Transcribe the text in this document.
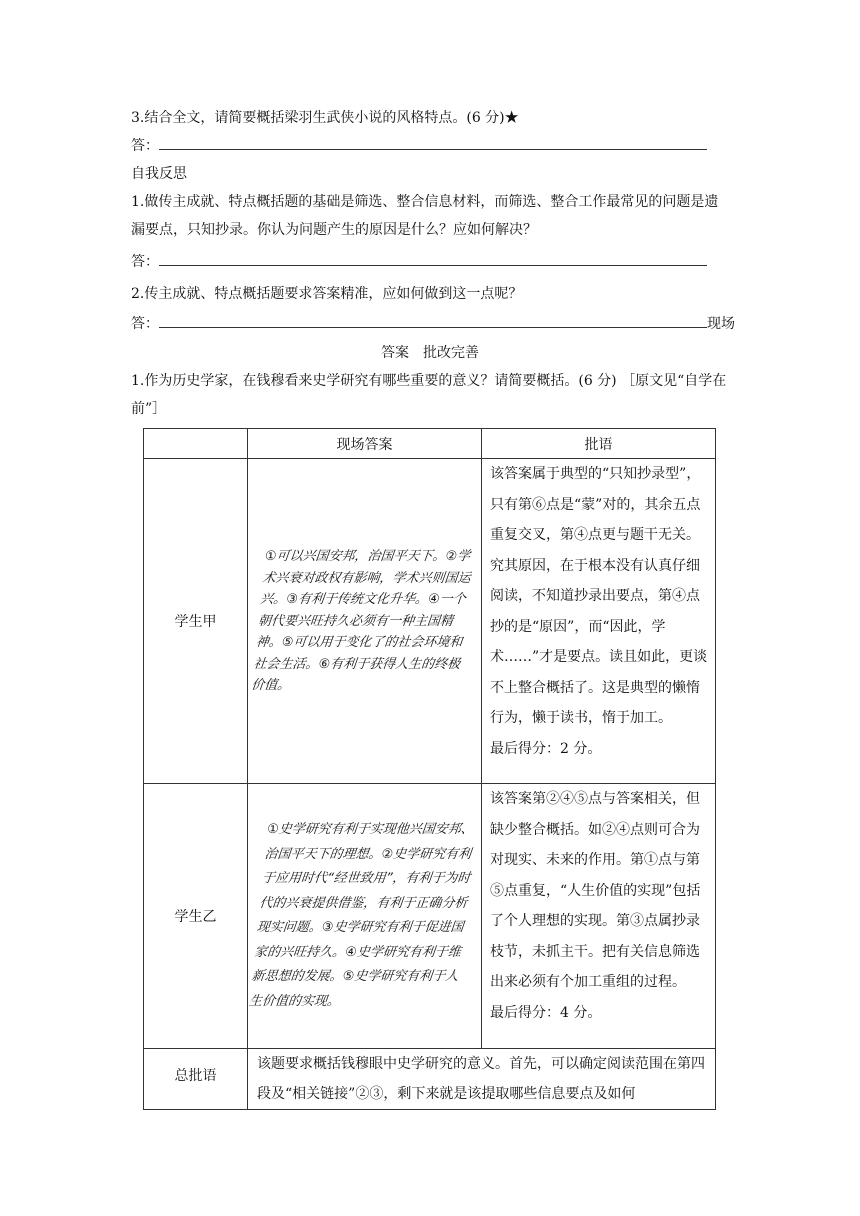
3.结合全文，请简要概括梁羽生武侠小说的风格特点。(6 分)★
答：
自我反思
1.做传主成就、特点概括题的基础是筛选、整合信息材料，而筛选、整合工作最常见的问题是遗漏要点，只知抄录。你认为问题产生的原因是什么？应如何解决？
答：
2.传主成就、特点概括题要求答案精准，应如何做到这一点呢？
答：	现场
答案　批改完善
1.作为历史学家，在钱穆看来史学研究有哪些重要的意义？请简要概括。(6 分) ［原文见“自学在前”］
	现场答案	批语
学生甲	①可以兴国安邦，治国平天下。②学术兴衰对政权有影响，学术兴则国运兴。③有利于传统文化升华。④一个朝代要兴旺持久必须有一种主国精神。⑤可以用于变化了的社会环境和社会生活。⑥有利于获得人生的终极价值。	该答案属于典型的“只知抄录型”，只有第⑥点是“蒙”对的，其余五点重复交叉，第④点更与题干无关。究其原因，在于根本没有认真仔细阅读，不知道抄录出要点，第④点抄的是“原因”，而“因此，学术……”才是要点。读且如此，更谈不上整合概括了。这是典型的懒惰行为，懒于读书，惰于加工。
最后得分：2 分。

学生乙	①史学研究有利于实现他兴国安邦、治国平天下的理想。②史学研究有利于应用时代“经世致用”，有利于为时代的兴衰提供借鉴，有利于正确分析现实问题。③史学研究有利于促进国家的兴旺持久。④史学研究有利于维新思想的发展。⑤史学研究有利于人生价值的实现。	该答案第②④⑤点与答案相关，但缺少整合概括。如②④点则可合为对现实、未来的作用。第①点与第⑤点重复，“人生价值的实现”包括了个人理想的实现。第③点属抄录枝节，未抓主干。把有关信息筛选出来必须有个加工重组的过程。
最后得分：4 分。

总批语	该题要求概括钱穆眼中史学研究的意义。首先，可以确定阅读范围在第四段及“相关链接”②③，剩下来就是该提取哪些信息要点及如何	
